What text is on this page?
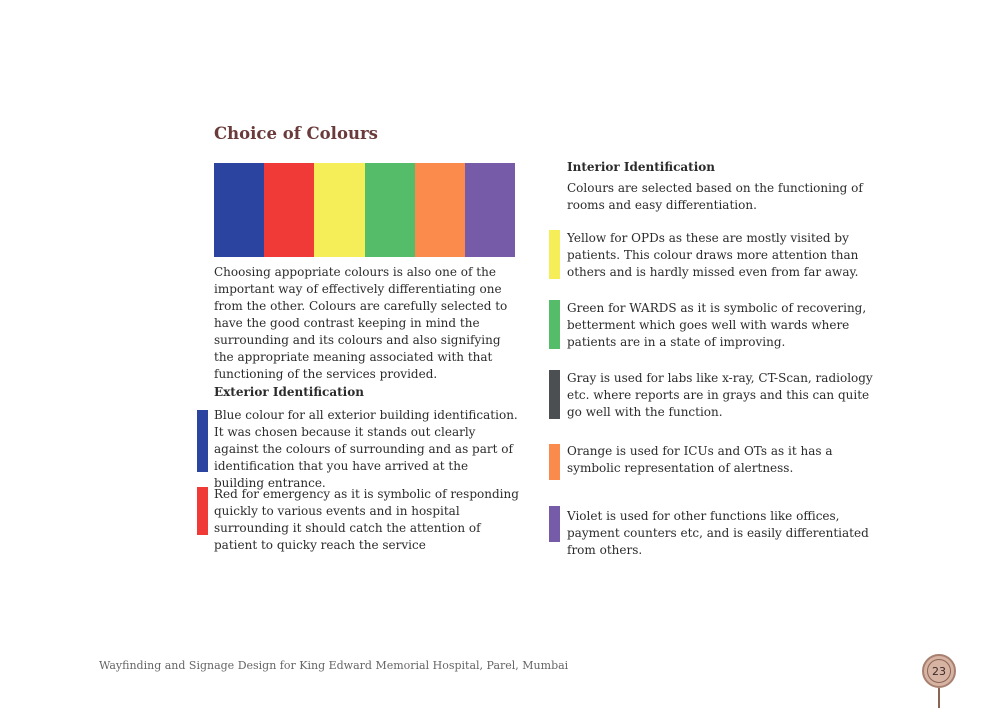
Choice of Colours
Choosing appopriate colours is also one of the important way of effectively differentiating one from the other. Colours are carefully selected to have the good contrast keeping in mind the surrounding and its colours and also signifying the appropriate meaning associated with that functioning of the services provided.
Exterior Identification
Blue colour for all exterior building identification. It was chosen because it stands out clearly against the colours of surrounding and as part of identification that you have arrived at the building entrance.
Red for emergency as it is symbolic of responding quickly to various events and in hospital surrounding it should catch the attention of patient to quicky reach the service
Interior Identification
Colours are selected based on the functioning of rooms and easy differentiation.
Yellow for OPDs as these are mostly visited by patients. This colour draws more attention than others and is hardly missed even from far away.
Green for WARDS as it is symbolic of recovering, betterment which goes well with wards where patients are in a state of improving.
Gray is used for labs like x-ray, CT-Scan, radiology etc. where reports are in grays and this can quite go well with the function.
Orange is used for ICUs and OTs as it has a symbolic representation of alertness.
Violet is used for other functions like offices, payment counters etc, and is easily differentiated from others.
Wayfinding and Signage Design for King Edward Memorial Hospital, Parel, Mumbai	23
